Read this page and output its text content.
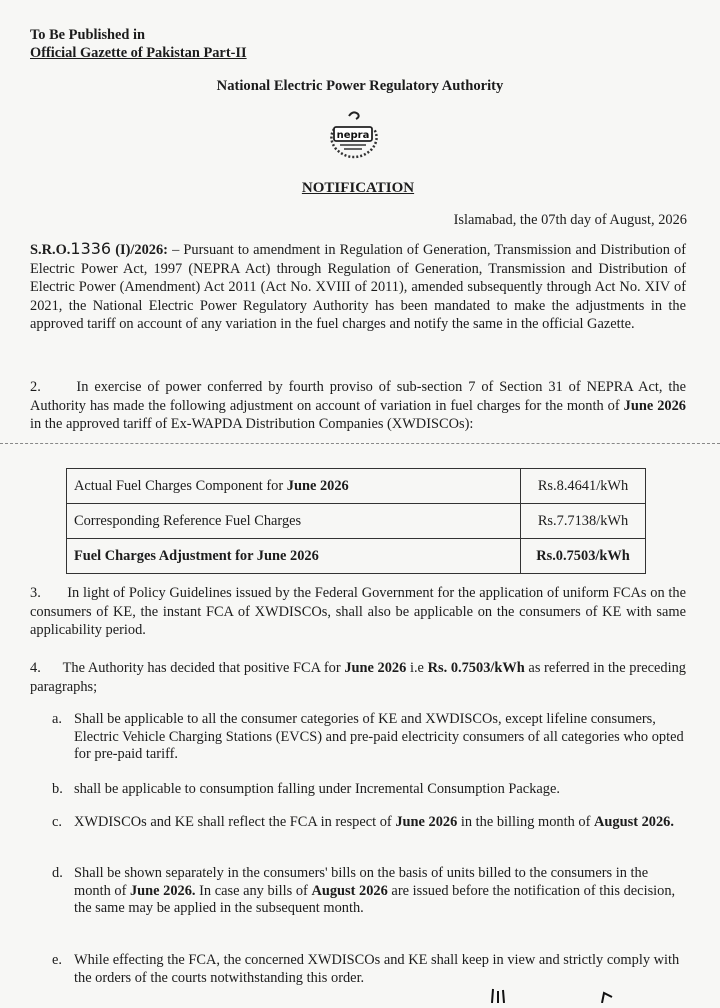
To Be Published in
Official Gazette of Pakistan Part-II
National Electric Power Regulatory Authority
nepra
NOTIFICATION
Islamabad, the 07th day of August, 2026
S.R.O.1336 (I)/2026: – Pursuant to amendment in Regulation of Generation, Transmission and Distribution of Electric Power Act, 1997 (NEPRA Act) through Regulation of Generation, Transmission and Distribution of Electric Power (Amendment) Act 2011 (Act No. XVIII of 2011), amended subsequently through Act No. XIV of 2021, the National Electric Power Regulatory Authority has been mandated to make the adjustments in the approved tariff on account of any variation in the fuel charges and notify the same in the official Gazette.
2. In exercise of power conferred by fourth proviso of sub-section 7 of Section 31 of NEPRA Act, the Authority has made the following adjustment on account of variation in fuel charges for the month of June 2026 in the approved tariff of Ex-WAPDA Distribution Companies (XWDISCOs):
Actual Fuel Charges Component for June 2026	Rs.8.4641/kWh
Corresponding Reference Fuel Charges	Rs.7.7138/kWh
Fuel Charges Adjustment for June 2026	Rs.0.7503/kWh
3. In light of Policy Guidelines issued by the Federal Government for the application of uniform FCAs on the consumers of KE, the instant FCA of XWDISCOs, shall also be applicable on the consumers of KE with same applicability period.
4. The Authority has decided that positive FCA for June 2026 i.e Rs. 0.7503/kWh as referred in the preceding paragraphs;
a. Shall be applicable to all the consumer categories of KE and XWDISCOs, except lifeline consumers, Electric Vehicle Charging Stations (EVCS) and pre-paid electricity consumers of all categories who opted for pre-paid tariff.
b. shall be applicable to consumption falling under Incremental Consumption Package.
c. XWDISCOs and KE shall reflect the FCA in respect of June 2026 in the billing month of August 2026.
d. Shall be shown separately in the consumers' bills on the basis of units billed to the consumers in the month of June 2026. In case any bills of August 2026 are issued before the notification of this decision, the same may be applied in the subsequent month.
e. While effecting the FCA, the concerned XWDISCOs and KE shall keep in view and strictly comply with the orders of the courts notwithstanding this order.
